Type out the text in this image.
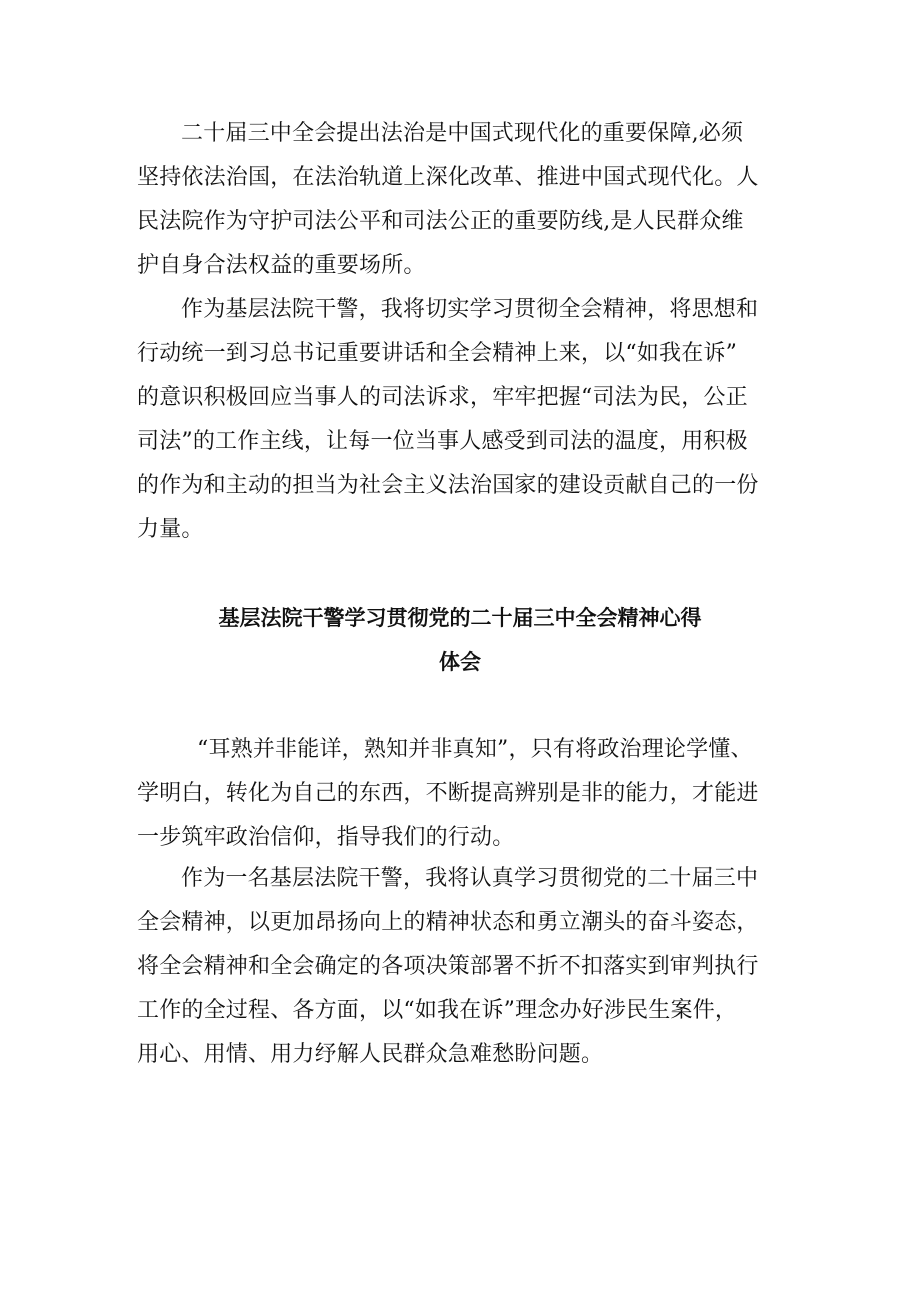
二十届三中全会提出法治是中国式现代化的重要保障,必须
坚持依法治国，在法治轨道上深化改革、推进中国式现代化。人
民法院作为守护司法公平和司法公正的重要防线,是人民群众维
护自身合法权益的重要场所。
作为基层法院干警，我将切实学习贯彻全会精神，将思想和
行动统一到习总书记重要讲话和全会精神上来，以“如我在诉”
的意识积极回应当事人的司法诉求，牢牢把握“司法为民，公正
司法”的工作主线，让每一位当事人感受到司法的温度，用积极
的作为和主动的担当为社会主义法治国家的建设贡献自己的一份
力量。
基层法院干警学习贯彻党的二十届三中全会精神心得
体会
“耳熟并非能详，熟知并非真知”，只有将政治理论学懂、
学明白，转化为自己的东西，不断提高辨别是非的能力，才能进
一步筑牢政治信仰，指导我们的行动。
作为一名基层法院干警，我将认真学习贯彻党的二十届三中
全会精神，以更加昂扬向上的精神状态和勇立潮头的奋斗姿态，
将全会精神和全会确定的各项决策部署不折不扣落实到审判执行
工作的全过程、各方面，以“如我在诉”理念办好涉民生案件，
用心、用情、用力纾解人民群众急难愁盼问题。
